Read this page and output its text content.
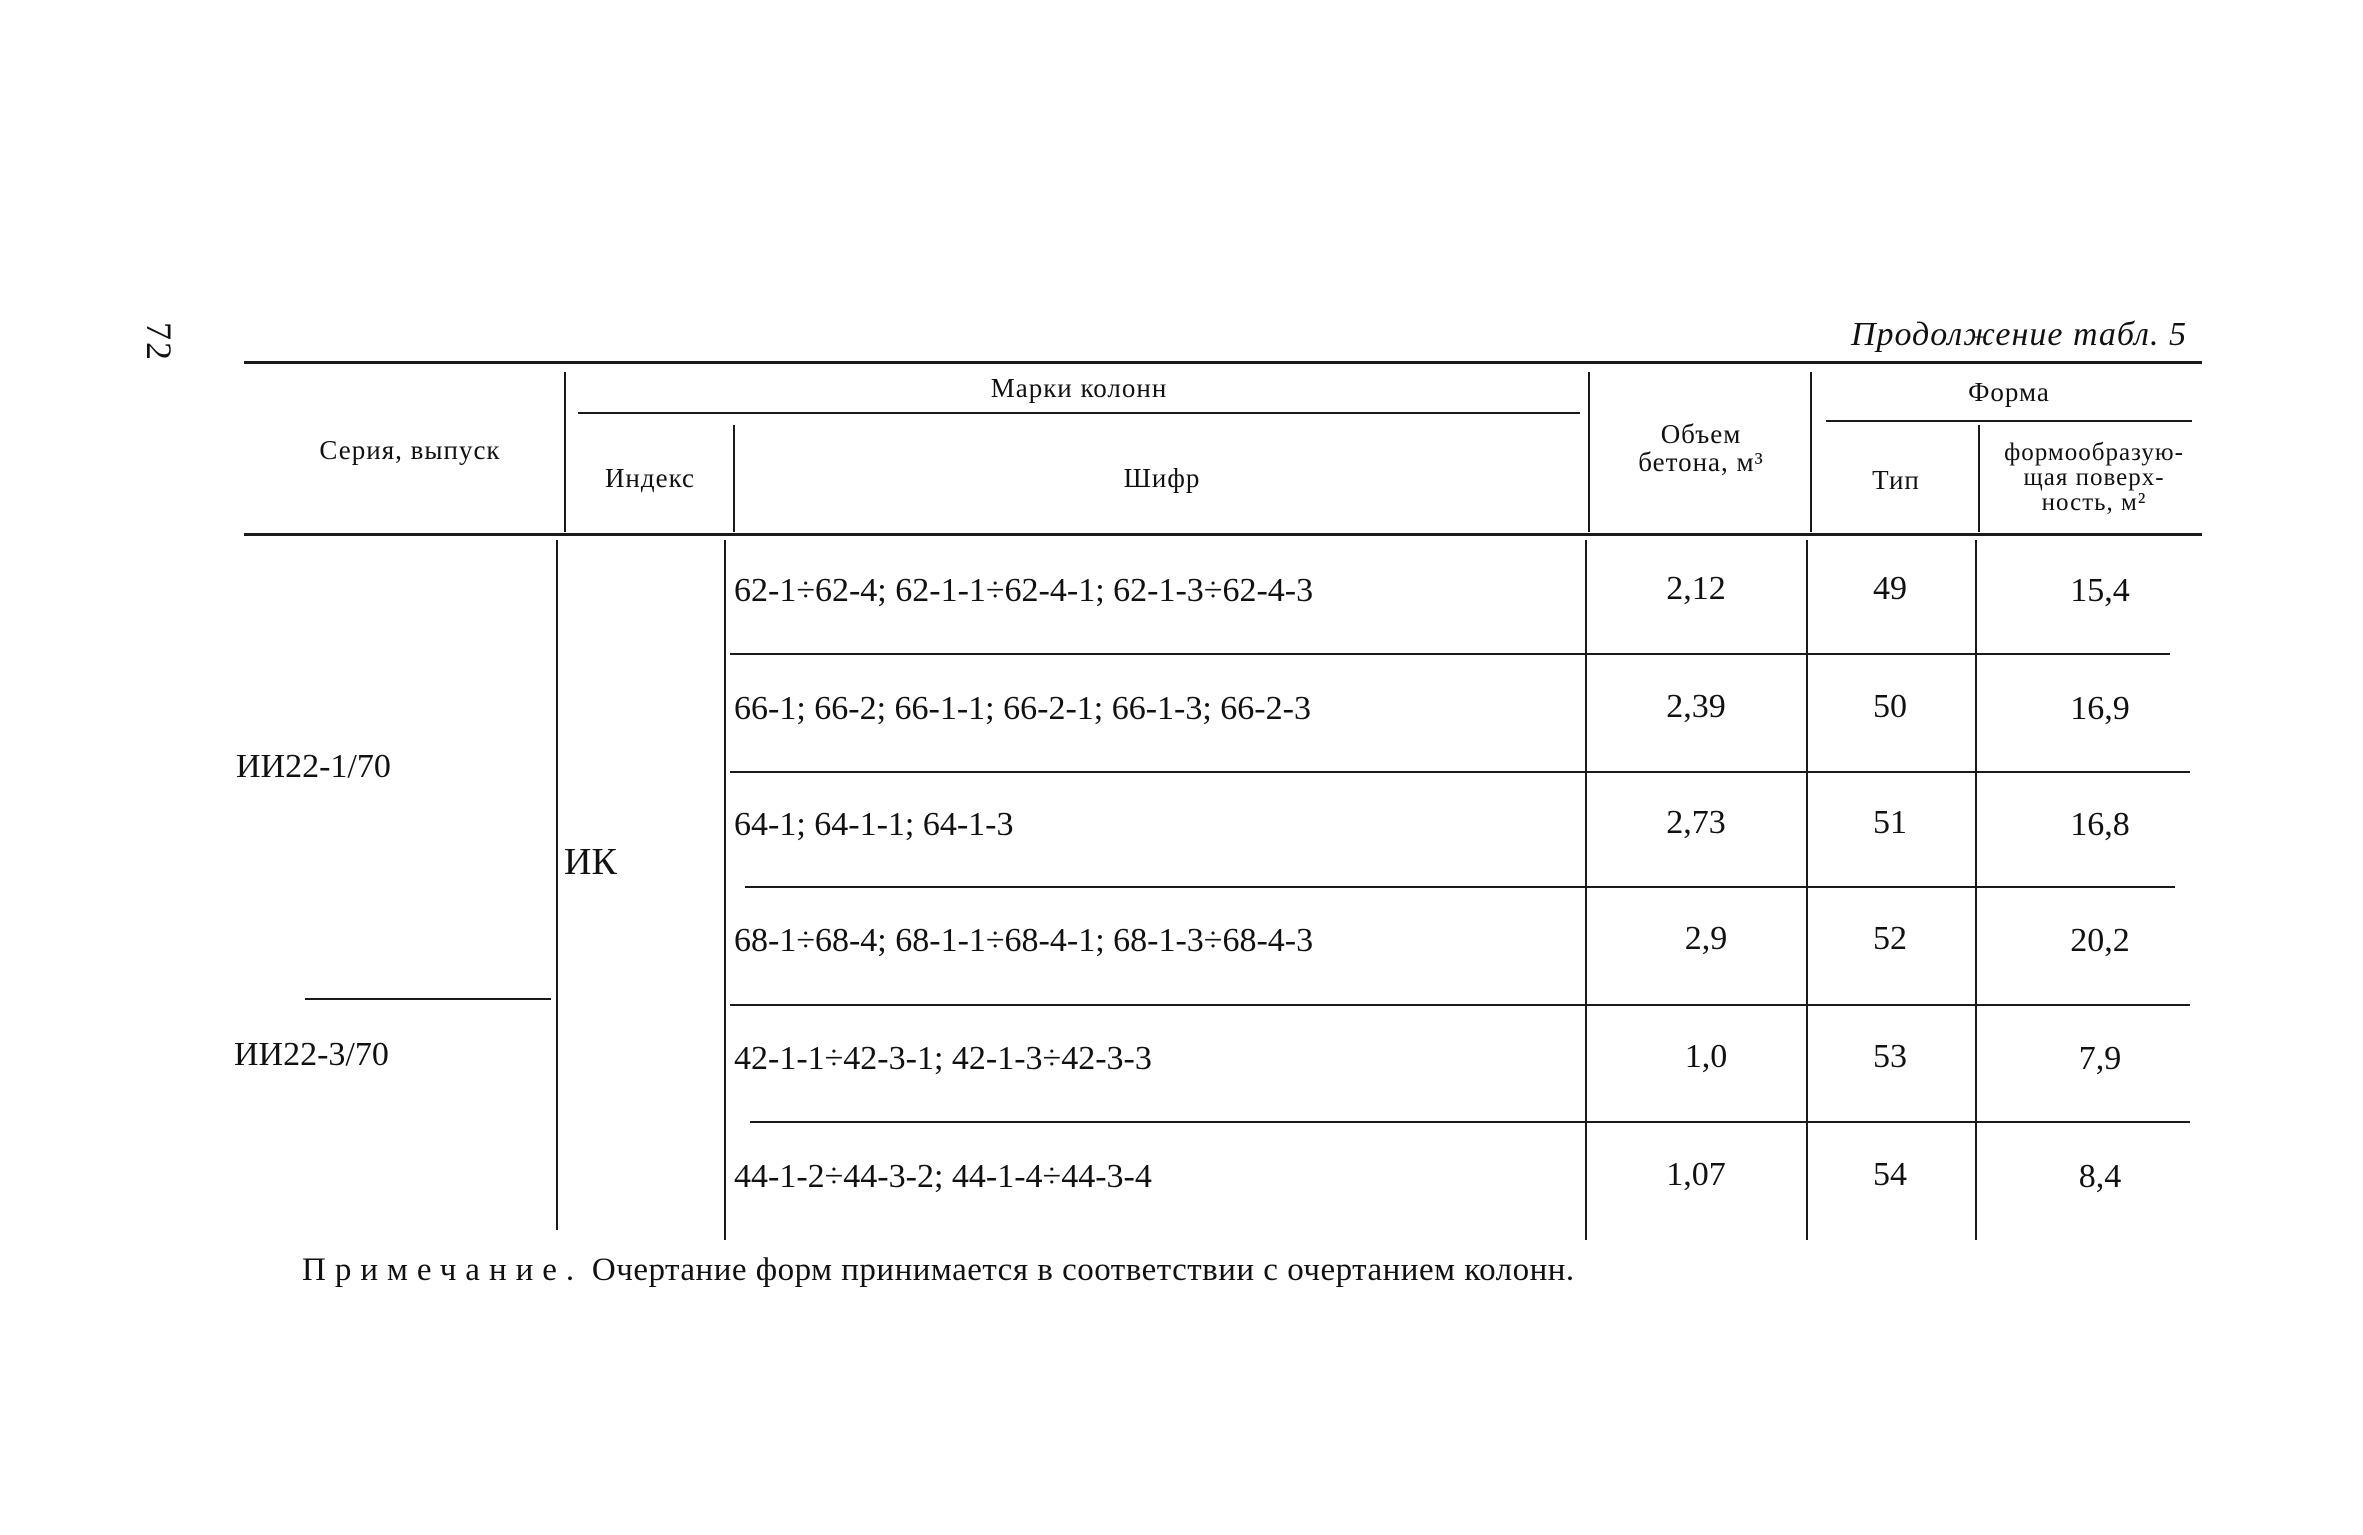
72	Продолжение табл. 5
Серия, выпуск
Марки колонн
Индекс	Шифр
Объем
бетона, м³
Форма
Тип
формообразую-
щая поверх-
ность, м²
ИИ22-1/70
ИИ22-3/70
ИК
62-1÷62-4; 62-1-1÷62-4-1; 62-1-3÷62-4-3	2,12	49	15,4
66-1; 66-2; 66-1-1; 66-2-1; 66-1-3; 66-2-3	2,39	50	16,9
64-1; 64-1-1; 64-1-3	2,73	51	16,8
68-1÷68-4; 68-1-1÷68-4-1; 68-1-3÷68-4-3	2,9	52	20,2
42-1-1÷42-3-1; 42-1-3÷42-3-3	1,0	53	7,9
44-1-2÷44-3-2; 44-1-4÷44-3-4	1,07	54	8,4
Примечание. Очертание форм принимается в соответствии с очертанием колонн.
